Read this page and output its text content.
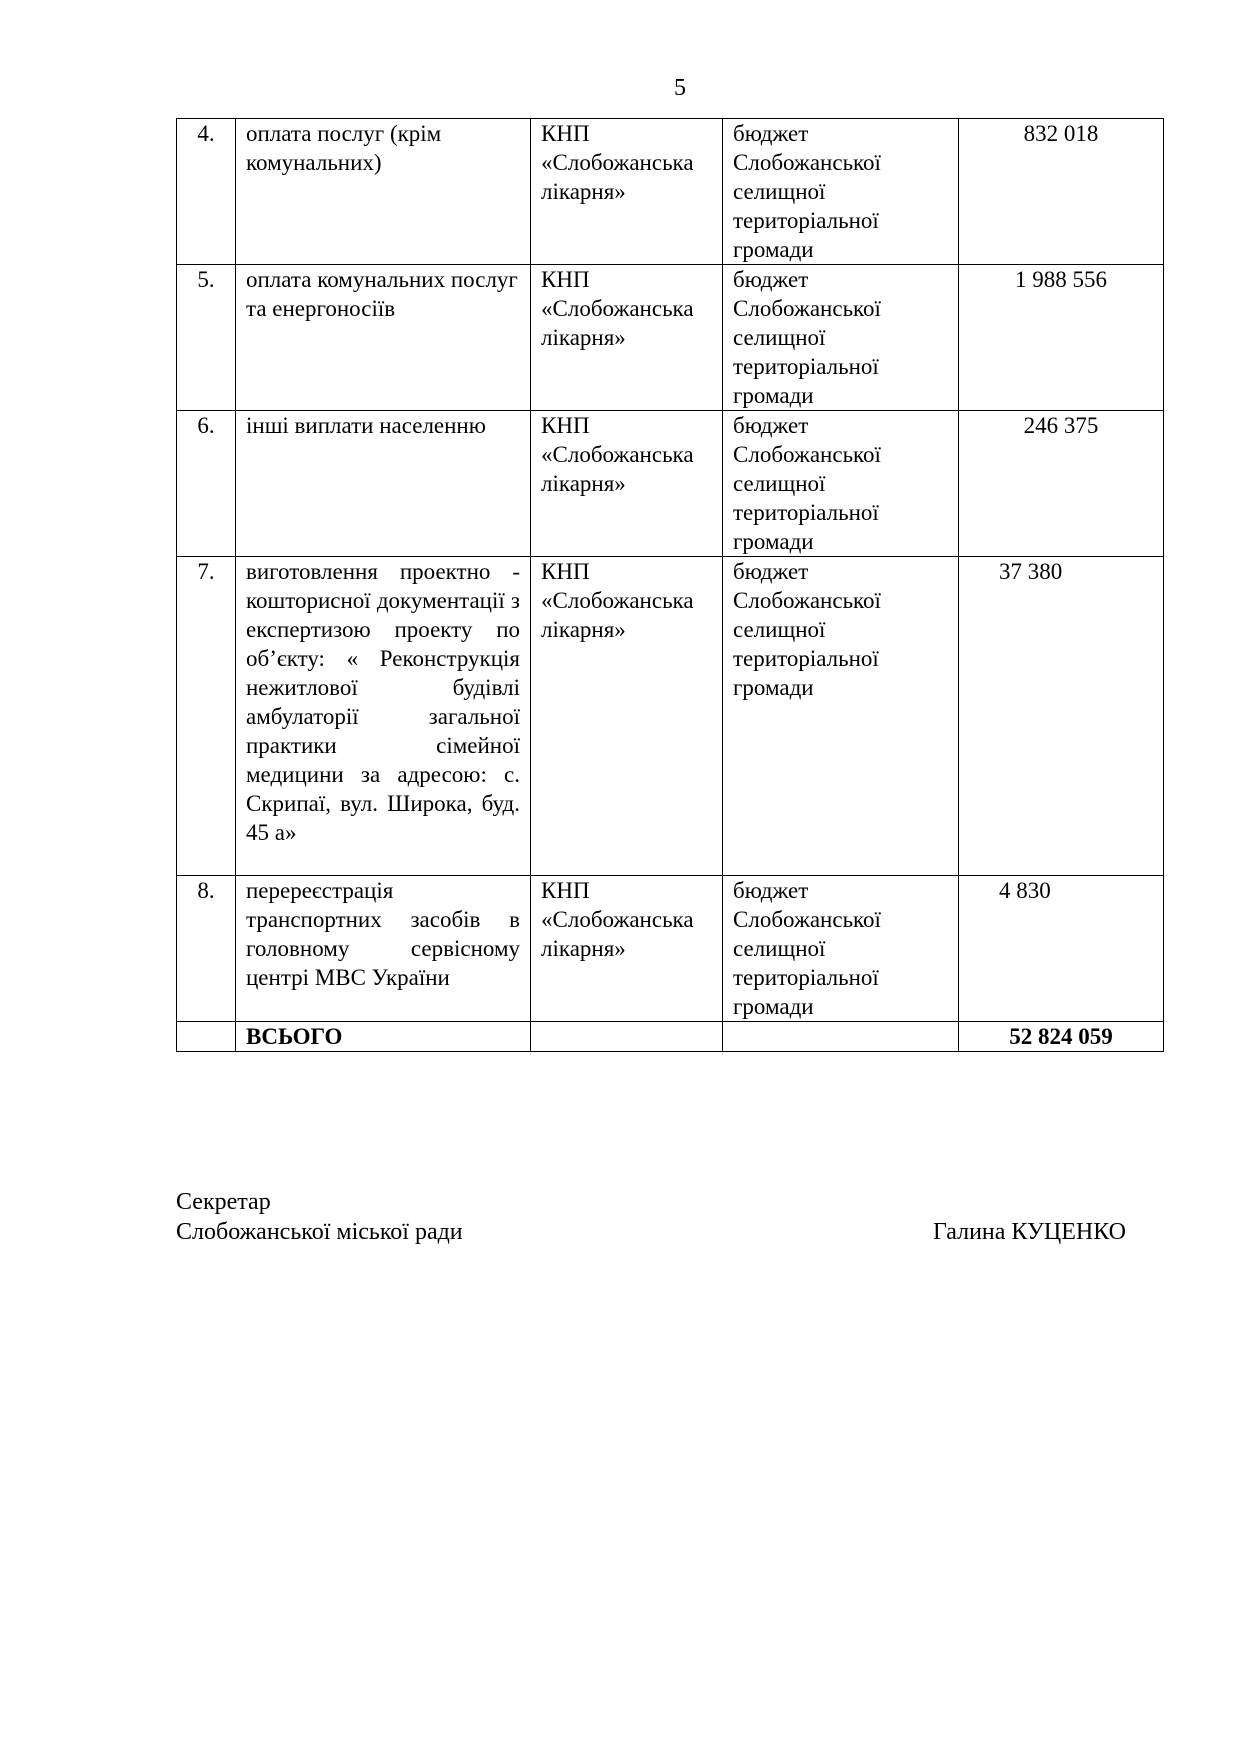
5
4.	оплата послуг (крім комунальних)	КНП «Слобожанська лікарня»	бюджет Слобожанської селищної територіальної громади	832 018
5.	оплата комунальних послуг та енергоносіїв	КНП «Слобожанська лікарня»	бюджет Слобожанської селищної територіальної громади	1 988 556
6.	інші виплати населенню	КНП «Слобожанська лікарня»	бюджет Слобожанської селищної територіальної громади	246 375
7.	виготовлення проектно - кошторисної документації з експертизою проекту по об’єкту: « Реконструкція нежитлової будівлі амбулаторії загальної практики сімейної медицини за адресою: с. Скрипаї, вул. Широка, буд. 45 а»	КНП «Слобожанська лікарня»	бюджет Слобожанської селищної територіальної громади	37 380
8.	перереєстрація транспортних засобів в головному сервісному центрі МВС України	КНП «Слобожанська лікарня»	бюджет Слобожанської селищної територіальної громади	4 830
	ВСЬОГО			52 824 059
Секретар
Слобожанської міської ради	Галина КУЦЕНКО
